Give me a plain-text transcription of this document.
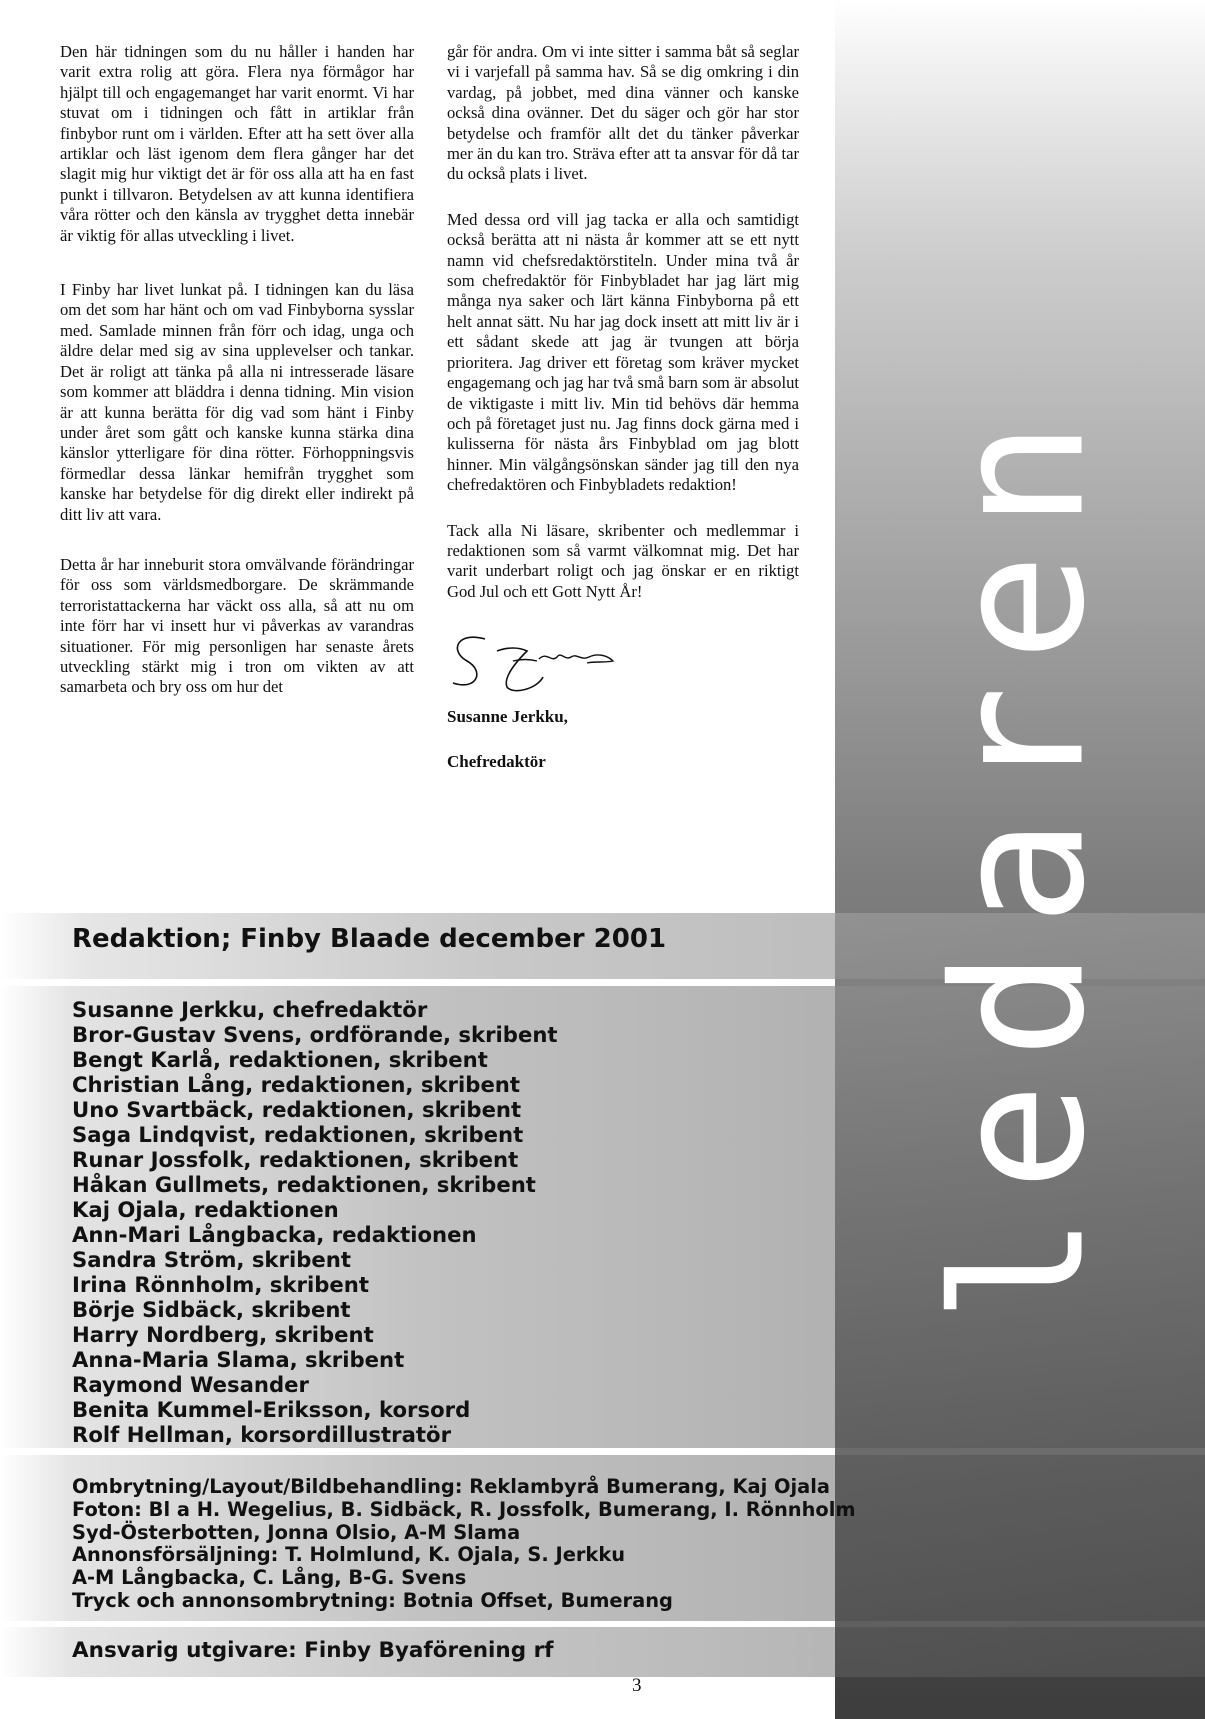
ledaren

Den här tidningen som du nu håller i handen har varit extra rolig att göra. Flera nya förmågor har hjälpt till och engagemanget har varit enormt. Vi har stuvat om i tidningen och fått in artiklar från finbybor runt om i världen. Efter att ha sett över alla artiklar och läst igenom dem flera gånger har det slagit mig hur viktigt det är för oss alla att ha en fast punkt i tillvaron. Betydelsen av att kunna identifiera våra rötter och den känsla av trygghet detta innebär är viktig för allas utveckling i livet.

I Finby har livet lunkat på. I tidningen kan du läsa om det som har hänt och om vad Finbyborna sysslar med. Samlade minnen från förr och idag, unga och äldre delar med sig av sina upplevelser och tankar. Det är roligt att tänka på alla ni intresserade läsare som kommer att bläddra i denna tidning. Min vision är att kunna berätta för dig vad som hänt i Finby under året som gått och kanske kunna stärka dina känslor ytterligare för dina rötter. Förhoppningsvis förmedlar dessa länkar hemifrån trygghet som kanske har betydelse för dig direkt eller indirekt på ditt liv att vara.

Detta år har inneburit stora omvälvande förändringar för oss som världsmedborgare. De skrämmande terroristattackerna har väckt oss alla, så att nu om inte förr har vi insett hur vi påverkas av varandras situationer. För mig personligen har senaste årets utveckling stärkt mig i tron om vikten av att samarbeta och bry oss om hur det

går för andra. Om vi inte sitter i samma båt så seglar vi i varjefall på samma hav. Så se dig omkring i din vardag, på jobbet, med dina vänner och kanske också dina ovänner. Det du säger och gör har stor betydelse och framför allt det du tänker påverkar mer än du kan tro. Sträva efter att ta ansvar för då tar du också plats i livet.

Med dessa ord vill jag tacka er alla och samtidigt också berätta att ni nästa år kommer att se ett nytt namn vid chefsredaktörstiteln. Under mina två år som chefredaktör för Finbybladet har jag lärt mig många nya saker och lärt känna Finbyborna på ett helt annat sätt. Nu har jag dock insett att mitt liv är i ett sådant skede att jag är tvungen att börja prioritera. Jag driver ett företag som kräver mycket engagemang och jag har två små barn som är absolut de viktigaste i mitt liv. Min tid behövs där hemma och på företaget just nu. Jag finns dock gärna med i kulisserna för nästa års Finbyblad om jag blott hinner. Min välgångsönskan sänder jag till den nya chefredaktören och Finbybladets redaktion!

Tack alla Ni läsare, skribenter och medlemmar i redaktionen som så varmt välkomnat mig. Det har varit underbart roligt och jag önskar er en riktigt God Jul och ett Gott Nytt År!

Susanne Jerkku,

Chefredaktör

Redaktion; Finby Blaade december 2001
Susanne Jerkku, chefredaktör
Bror-Gustav Svens, ordförande, skribent
Bengt Karlå, redaktionen, skribent
Christian Lång, redaktionen, skribent
Uno Svartbäck, redaktionen, skribent
Saga Lindqvist, redaktionen, skribent
Runar Jossfolk, redaktionen, skribent
Håkan Gullmets, redaktionen, skribent
Kaj Ojala, redaktionen
Ann-Mari Långbacka, redaktionen
Sandra Ström, skribent
Irina Rönnholm, skribent
Börje Sidbäck, skribent
Harry Nordberg, skribent
Anna-Maria Slama, skribent
Raymond Wesander
Benita Kummel-Eriksson, korsord
Rolf Hellman, korsordillustratör
Ombrytning/Layout/Bildbehandling: Reklambyrå Bumerang, Kaj Ojala
Foton: Bl a H. Wegelius, B. Sidbäck, R. Jossfolk, Bumerang, I. Rönnholm
Syd-Österbotten, Jonna Olsio, A-M Slama
Annonsförsäljning: T. Holmlund, K. Ojala, S. Jerkku
A-M Långbacka, C. Lång, B-G. Svens
Tryck och annonsombrytning: Botnia Offset, Bumerang
Ansvarig utgivare: Finby Byaförening rf
3
